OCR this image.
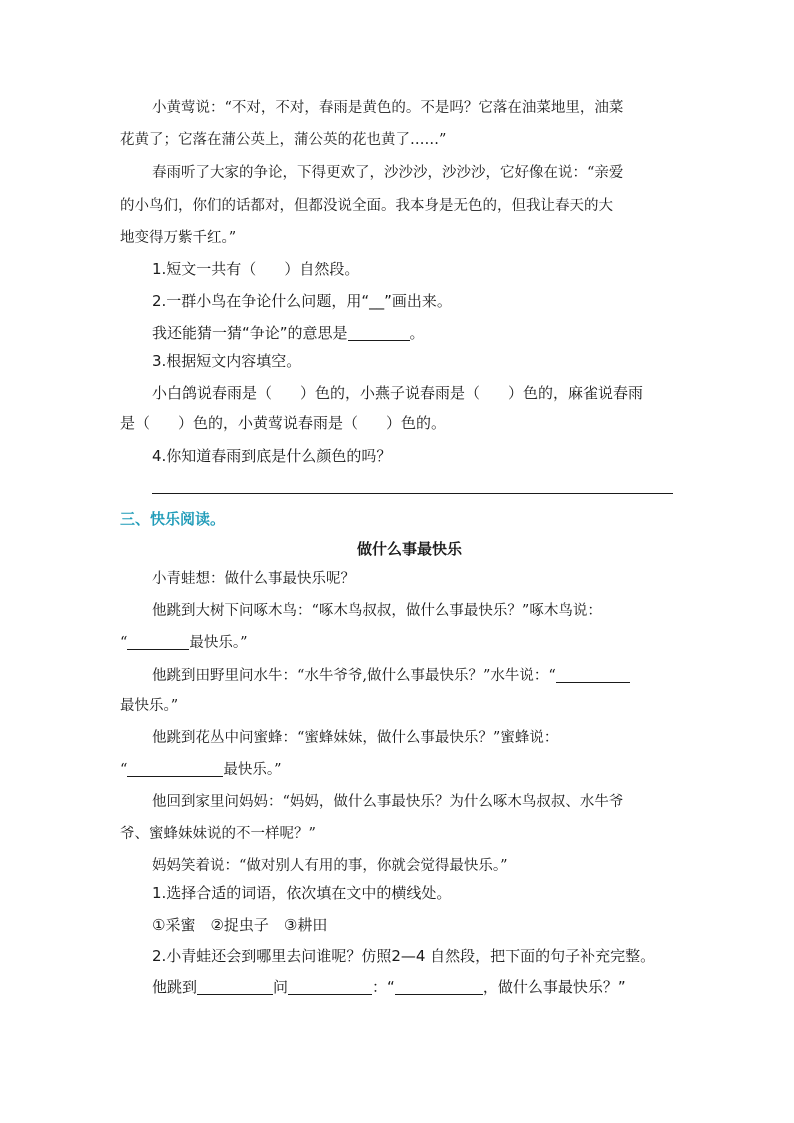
小黄莺说：“不对，不对，春雨是黄色的。不是吗？它落在油菜地里，油菜
花黄了；它落在蒲公英上，蒲公英的花也黄了……”
春雨听了大家的争论，下得更欢了，沙沙沙，沙沙沙，它好像在说：“亲爱
的小鸟们，你们的话都对，但都没说全面。我本身是无色的，但我让春天的大
地变得万紫千红。”
1.短文一共有（ ）自然段。
2.一群小鸟在争论什么问题，用“__”画出来。
我还能猜一猜“争论”的意思是	。
3.根据短文内容填空。
小白鸽说春雨是（ ）色的，小燕子说春雨是（ ）色的，麻雀说春雨
是（ ）色的，小黄莺说春雨是（ ）色的。
4.你知道春雨到底是什么颜色的吗？
三、快乐阅读。
做什么事最快乐
小青蛙想：做什么事最快乐呢？
他跳到大树下问啄木鸟：“啄木鸟叔叔，做什么事最快乐？”啄木鸟说：
“	最快乐。”
他跳到田野里问水牛：“水牛爷爷,做什么事最快乐？”水牛说：“
最快乐。”
他跳到花丛中问蜜蜂：“蜜蜂妹妹，做什么事最快乐？”蜜蜂说：
“	最快乐。”
他回到家里问妈妈：“妈妈，做什么事最快乐？为什么啄木鸟叔叔、水牛爷
爷、蜜蜂妹妹说的不一样呢？”
妈妈笑着说：“做对别人有用的事，你就会觉得最快乐。”
1.选择合适的词语，依次填在文中的横线处。
①采蜜　②捉虫子　③耕田
2.小青蛙还会到哪里去问谁呢？仿照2—4 自然段，把下面的句子补充完整。
他跳到	问	：“	，做什么事最快乐？”
